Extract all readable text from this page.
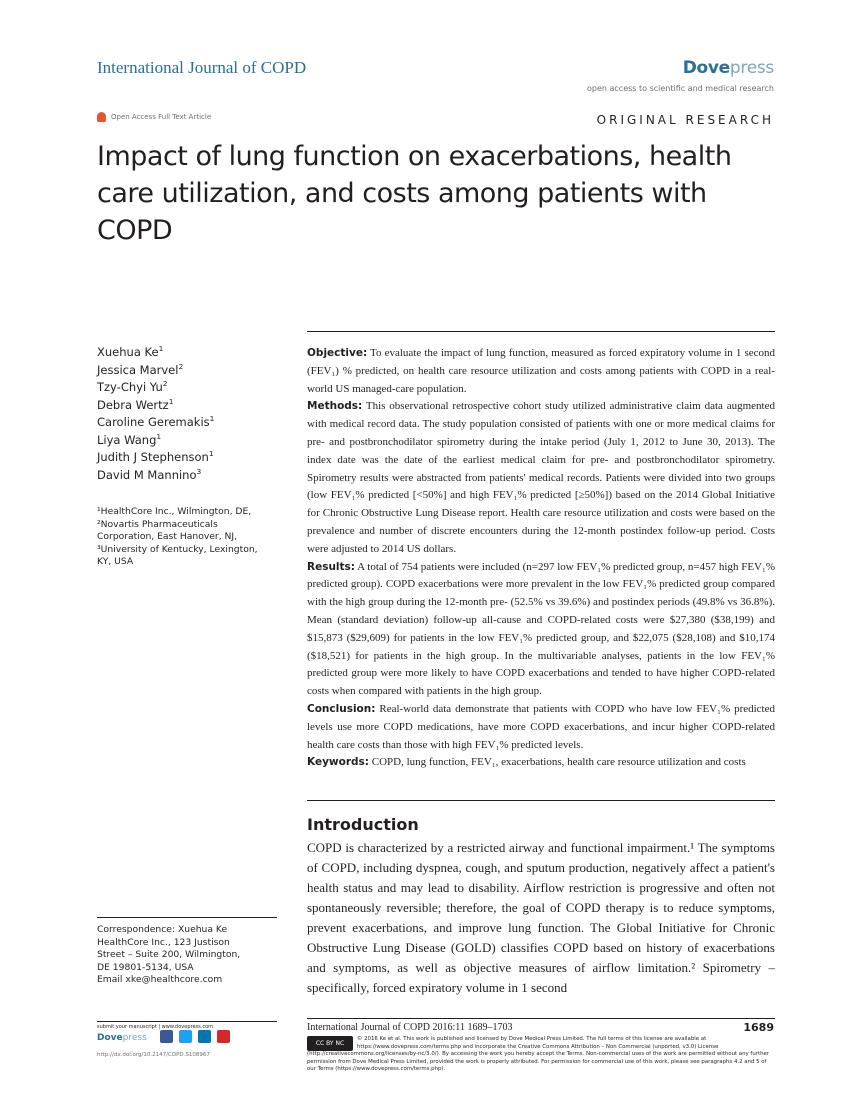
International Journal of COPD	Dovepress
open access to scientific and medical research
Open Access Full Text Article	ORIGINAL RESEARCH
Impact of lung function on exacerbations, health care utilization, and costs among patients with COPD
Xuehua Ke$^1$
Jessica Marvel$^2$
Tzy-Chyi Yu$^2$
Debra Wertz$^1$
Caroline Geremakis$^1$
Liya Wang$^1$
Judith J Stephenson$^1$
David M Mannino$^3$
¹HealthCore Inc., Wilmington, DE, ²Novartis Pharmaceuticals Corporation, East Hanover, NJ, ³University of Kentucky, Lexington, KY, USA
Correspondence: Xuehua Ke
HealthCore Inc., 123 Justison
Street – Suite 200, Wilmington,
DE 19801-5134, USA
Email xke@healthcore.com

Objective: To evaluate the impact of lung function, measured as forced expiratory volume in 1 second (FEV₁) % predicted, on health care resource utilization and costs among patients with COPD in a real-world US managed-care population.

Methods: This observational retrospective cohort study utilized administrative claim data augmented with medical record data. The study population consisted of patients with one or more medical claims for pre- and postbronchodilator spirometry during the intake period (July 1, 2012 to June 30, 2013). The index date was the date of the earliest medical claim for pre- and postbronchodilator spirometry. Spirometry results were abstracted from patients' medical records. Patients were divided into two groups (low FEV₁% predicted [<50%] and high FEV₁% predicted [≥50%]) based on the 2014 Global Initiative for Chronic Obstructive Lung Disease report. Health care resource utilization and costs were based on the prevalence and number of discrete encounters during the 12-month postindex follow-up period. Costs were adjusted to 2014 US dollars.

Results: A total of 754 patients were included (n=297 low FEV₁% predicted group, n=457 high FEV₁% predicted group). COPD exacerbations were more prevalent in the low FEV₁% predicted group compared with the high group during the 12-month pre- (52.5% vs 39.6%) and postindex periods (49.8% vs 36.8%). Mean (standard deviation) follow-up all-cause and COPD-related costs were $27,380 ($38,199) and $15,873 ($29,609) for patients in the low FEV₁% predicted group, and $22,075 ($28,108) and $10,174 ($18,521) for patients in the high group. In the multivariable analyses, patients in the low FEV₁% predicted group were more likely to have COPD exacerbations and tended to have higher COPD-related costs when compared with patients in the high group.

Conclusion: Real-world data demonstrate that patients with COPD who have low FEV₁% predicted levels use more COPD medications, have more COPD exacerbations, and incur higher COPD-related health care costs than those with high FEV₁% predicted levels.

Keywords: COPD, lung function, FEV₁, exacerbations, health care resource utilization and costs

Introduction
COPD is characterized by a restricted airway and functional impairment.¹ The symptoms of COPD, including dyspnea, cough, and sputum production, negatively affect a patient's health status and may lead to disability. Airflow restriction is progressive and often not spontaneously reversible; therefore, the goal of COPD therapy is to reduce symptoms, prevent exacerbations, and improve lung function. The Global Initiative for Chronic Obstructive Lung Disease (GOLD) classifies COPD based on history of exacerbations and symptoms, as well as objective measures of airflow limitation.² Spirometry – specifically, forced expiratory volume in 1 second
submit your manuscript | www.dovepress.com
Dovepress
http://dx.doi.org/10.2147/COPD.S108967
International Journal of COPD 2016:11 1689–1703	1689
CC BY NC
© 2016 Ke et al. This work is published and licensed by Dove Medical Press Limited. The full terms of this license are available at https://www.dovepress.com/terms.php and incorporate the Creative Commons Attribution – Non Commercial (unported, v3.0) License (http://creativecommons.org/licenses/by-nc/3.0/). By accessing the work you hereby accept the Terms. Non-commercial uses of the work are permitted without any further permission from Dove Medical Press Limited, provided the work is properly attributed. For permission for commercial use of this work, please see paragraphs 4.2 and 5 of our Terms (https://www.dovepress.com/terms.php).
